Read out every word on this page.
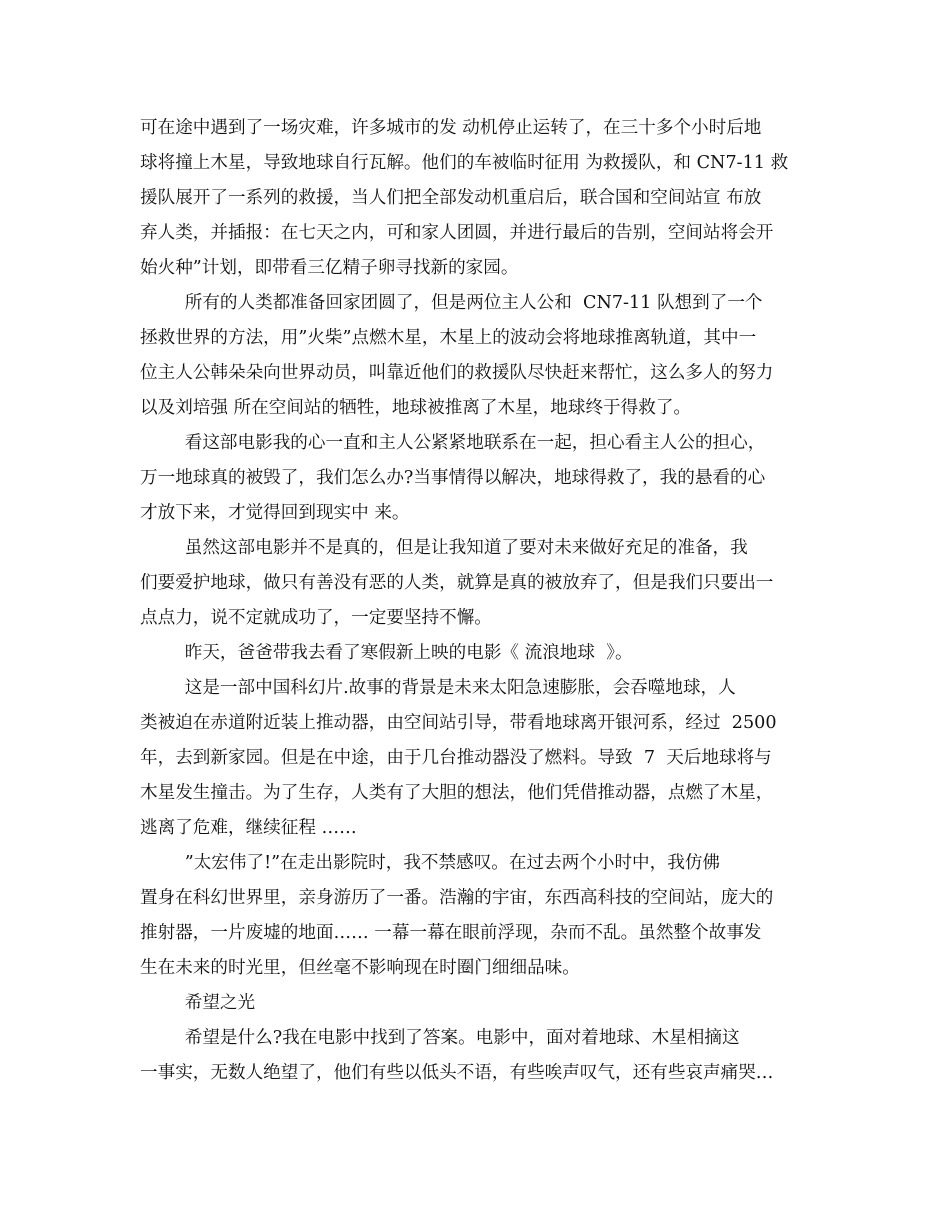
可在途中遇到了一场灾难，许多城市的发 动机停止运转了，在三十多个小时后地
球将撞上木星，导致地球自行瓦解。他们的车被临时征用 为救援队，和 CN7-11 救
援队展开了一系列的救援，当人们把全部发动机重启后，联合国和空间站宣 布放
弃人类，并插报：在七天之内，可和家人团圆，并进行最后的告别，空间站将会开
始火种”计划，即带看三亿精子卵寻找新的家园。
所有的人类都准备回家团圆了，但是两位主人公和  CN7-11 队想到了一个
拯救世界的方法，用”火柴”点燃木星，木星上的波动会将地球推离轨道，其中一
位主人公韩朵朵向世界动员，叫靠近他们的救援队尽快赶来帮忙，这么多人的努力
以及刘培强 所在空间站的牺牲，地球被推离了木星，地球终于得救了。
看这部电影我的心一直和主人公紧紧地联系在一起，担心看主人公的担心，
万一地球真的被毁了，我们怎么办?当事情得以解决，地球得救了，我的悬看的心
才放下来，才觉得回到现实中 来。
虽然这部电影并不是真的，但是让我知道了要对未来做好充足的准备，我
们要爱护地球，做只有善没有恶的人类，就算是真的被放弃了，但是我们只要出一
点点力，说不定就成功了，一定要坚持不懈。
昨天，爸爸带我去看了寒假新上映的电影《 流浪地球  》。
这是一部中国科幻片.故事的背景是未来太阳急速膨胀，会吞噬地球，人
类被迫在赤道附近装上推动器，由空间站引导，带看地球离开银河系，经过  2500
年，去到新家园。但是在中途，由于几台推动器没了燃料。导致  7  天后地球将与
木星发生撞击。为了生存，人类有了大胆的想法，他们凭借推动器，点燃了木星，
逃离了危难，继续征程 ……
”太宏伟了!”在走出影院时，我不禁感叹。在过去两个小时中，我仿佛
置身在科幻世界里，亲身游历了一番。浩瀚的宇宙，东西高科技的空间站，庞大的
推射器，一片废墟的地面…… 一幕一幕在眼前浮现，杂而不乱。虽然整个故事发
生在未来的时光里，但丝毫不影响现在时圈门细细品味。
希望之光
希望是什么?我在电影中找到了答案。电影中，面对着地球、木星相摘这
一事实，无数人绝望了，他们有些以低头不语，有些唉声叹气，还有些哀声痛哭…
